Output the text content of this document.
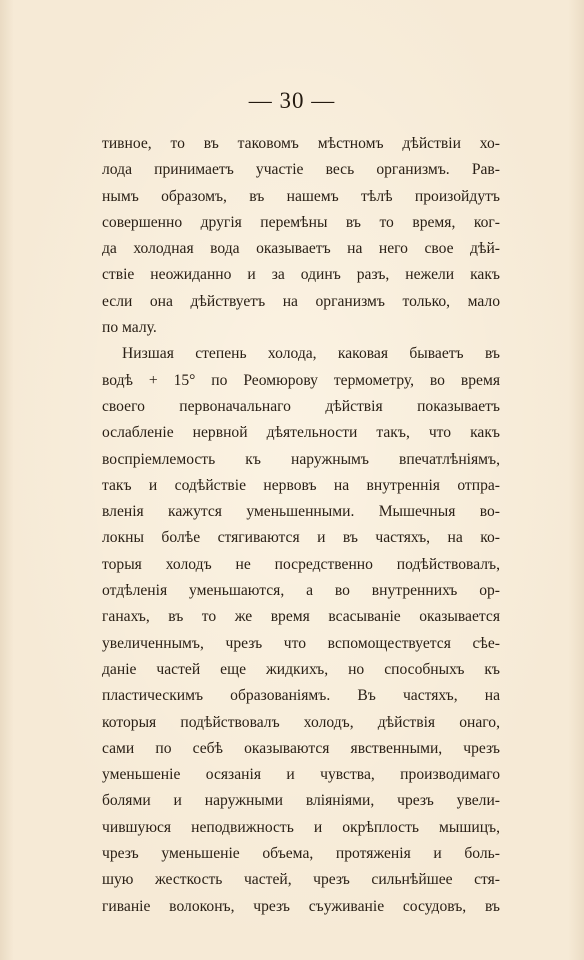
— 30 —
тивное, то въ таковомъ мѣстномъ дѣйствіи хо-
лода принимаетъ участіе весь организмъ. Рав-
нымъ образомъ, въ нашемъ тѣлѣ произойдутъ
совершенно другія перемѣны въ то время, ког-
да холодная вода оказываетъ на него свое дѣй-
ствіе неожиданно и за одинъ разъ, нежели какъ
если она дѣйствуетъ на организмъ только, мало
по малу.
Низшая степень холода, каковая бываетъ въ
водѣ + 15° по Реомюрову термометру, во время
своего первоначальнаго дѣйствія показываетъ
ослабленіе нервной дѣятельности такъ, что какъ
воспріемлемость къ наружнымъ впечатлѣніямъ,
такъ и содѣйствіе нервовъ на внутреннія отпра-
вленія кажутся уменьшенными. Мышечныя во-
локны болѣе стягиваются и въ частяхъ, на ко-
торыя холодъ не посредственно подѣйствовалъ,
отдѣленія уменьшаются, а во внутреннихъ ор-
ганахъ, въ то же время всасываніе оказывается
увеличеннымъ, чрезъ что вспомоществуется сѣе-
даніе частей еще жидкихъ, но способныхъ къ
пластическимъ образованіямъ. Въ частяхъ, на
которыя подѣйствовалъ холодъ, дѣйствія онаго,
сами по себѣ оказываются явственными, чрезъ
уменьшеніе осязанія и чувства, производимаго
болями и наружными вліяніями, чрезъ увели-
чившуюся неподвижность и окрѣплость мышицъ,
чрезъ уменьшеніе объема, протяженія и боль-
шую жесткость частей, чрезъ сильнѣйшее стя-
гиваніе волоконъ, чрезъ съуживаніе сосудовъ, въ
